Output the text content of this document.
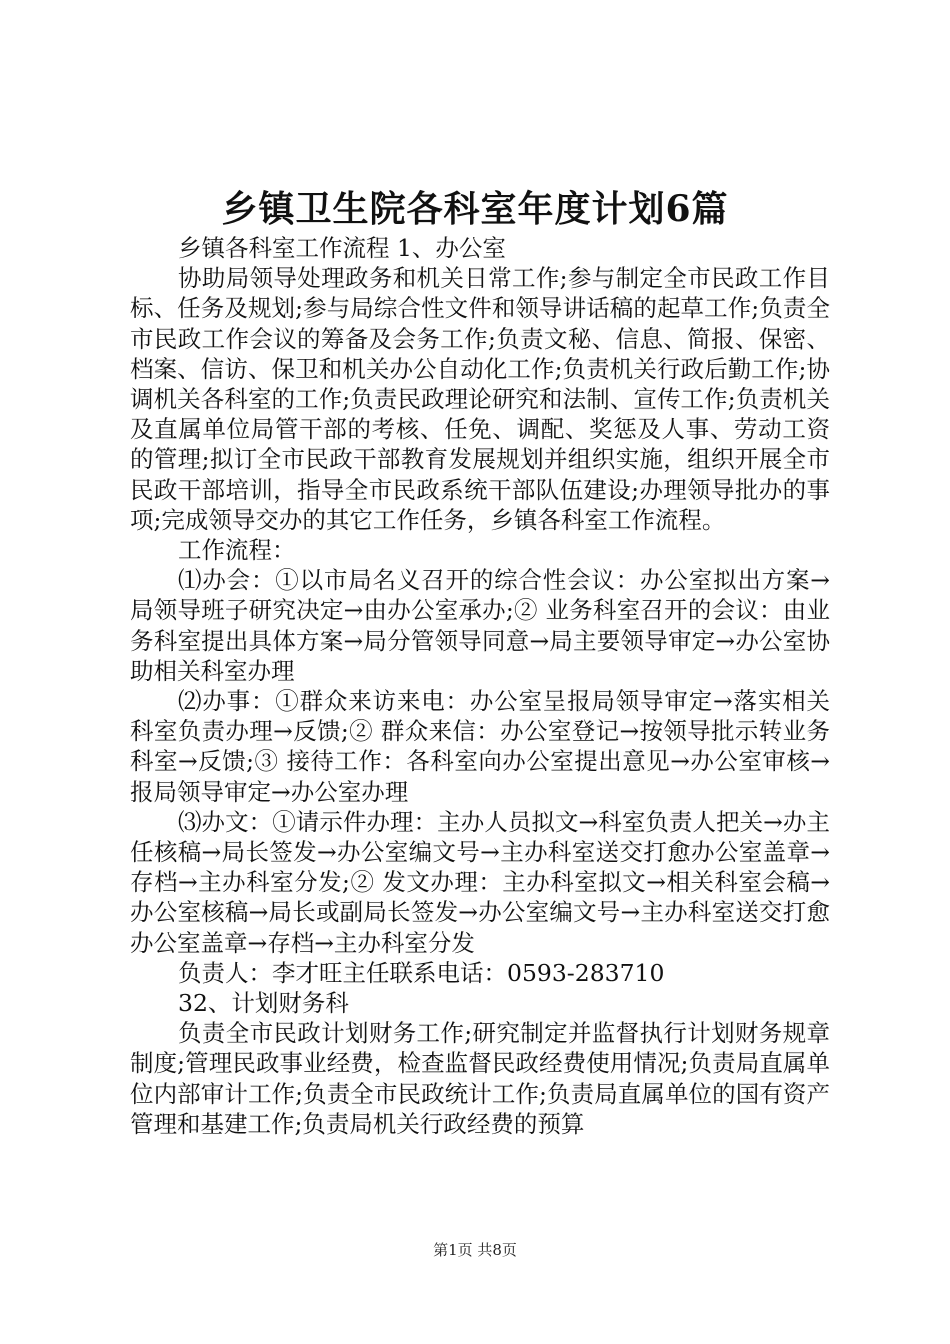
乡镇卫生院各科室年度计划6篇

乡镇各科室工作流程 1、办公室

协助局领导处理政务和机关日常工作;参与制定全市民政工作目标、任务及规划;参与局综合性文件和领导讲话稿的起草工作;负责全市民政工作会议的筹备及会务工作;负责文秘、信息、简报、保密、档案、信访、保卫和机关办公自动化工作;负责机关行政后勤工作;协调机关各科室的工作;负责民政理论研究和法制、宣传工作;负责机关及直属单位局管干部的考核、任免、调配、奖惩及人事、劳动工资的管理;拟订全市民政干部教育发展规划并组织实施，组织开展全市民政干部培训，指导全市民政系统干部队伍建设;办理领导批办的事项;完成领导交办的其它工作任务，乡镇各科室工作流程。

工作流程：

⑴办会：①以市局名义召开的综合性会议：办公室拟出方案→局领导班子研究决定→由办公室承办;② 业务科室召开的会议：由业务科室提出具体方案→局分管领导同意→局主要领导审定→办公室协助相关科室办理

⑵办事：①群众来访来电：办公室呈报局领导审定→落实相关科室负责办理→反馈;② 群众来信：办公室登记→按领导批示转业务科室→反馈;③ 接待工作：各科室向办公室提出意见→办公室审核→报局领导审定→办公室办理

⑶办文：①请示件办理：主办人员拟文→科室负责人把关→办主任核稿→局长签发→办公室编文号→主办科室送交打愈办公室盖章→存档→主办科室分发;② 发文办理：主办科室拟文→相关科室会稿→办公室核稿→局长或副局长签发→办公室编文号→主办科室送交打愈办公室盖章→存档→主办科室分发

负责人：李才旺主任联系电话：0593-283710

32、计划财务科

负责全市民政计划财务工作;研究制定并监督执行计划财务规章制度;管理民政事业经费，检查监督民政经费使用情况;负责局直属单位内部审计工作;负责全市民政统计工作;负责局直属单位的国有资产管理和基建工作;负责局机关行政经费的预算

第1页 共8页
